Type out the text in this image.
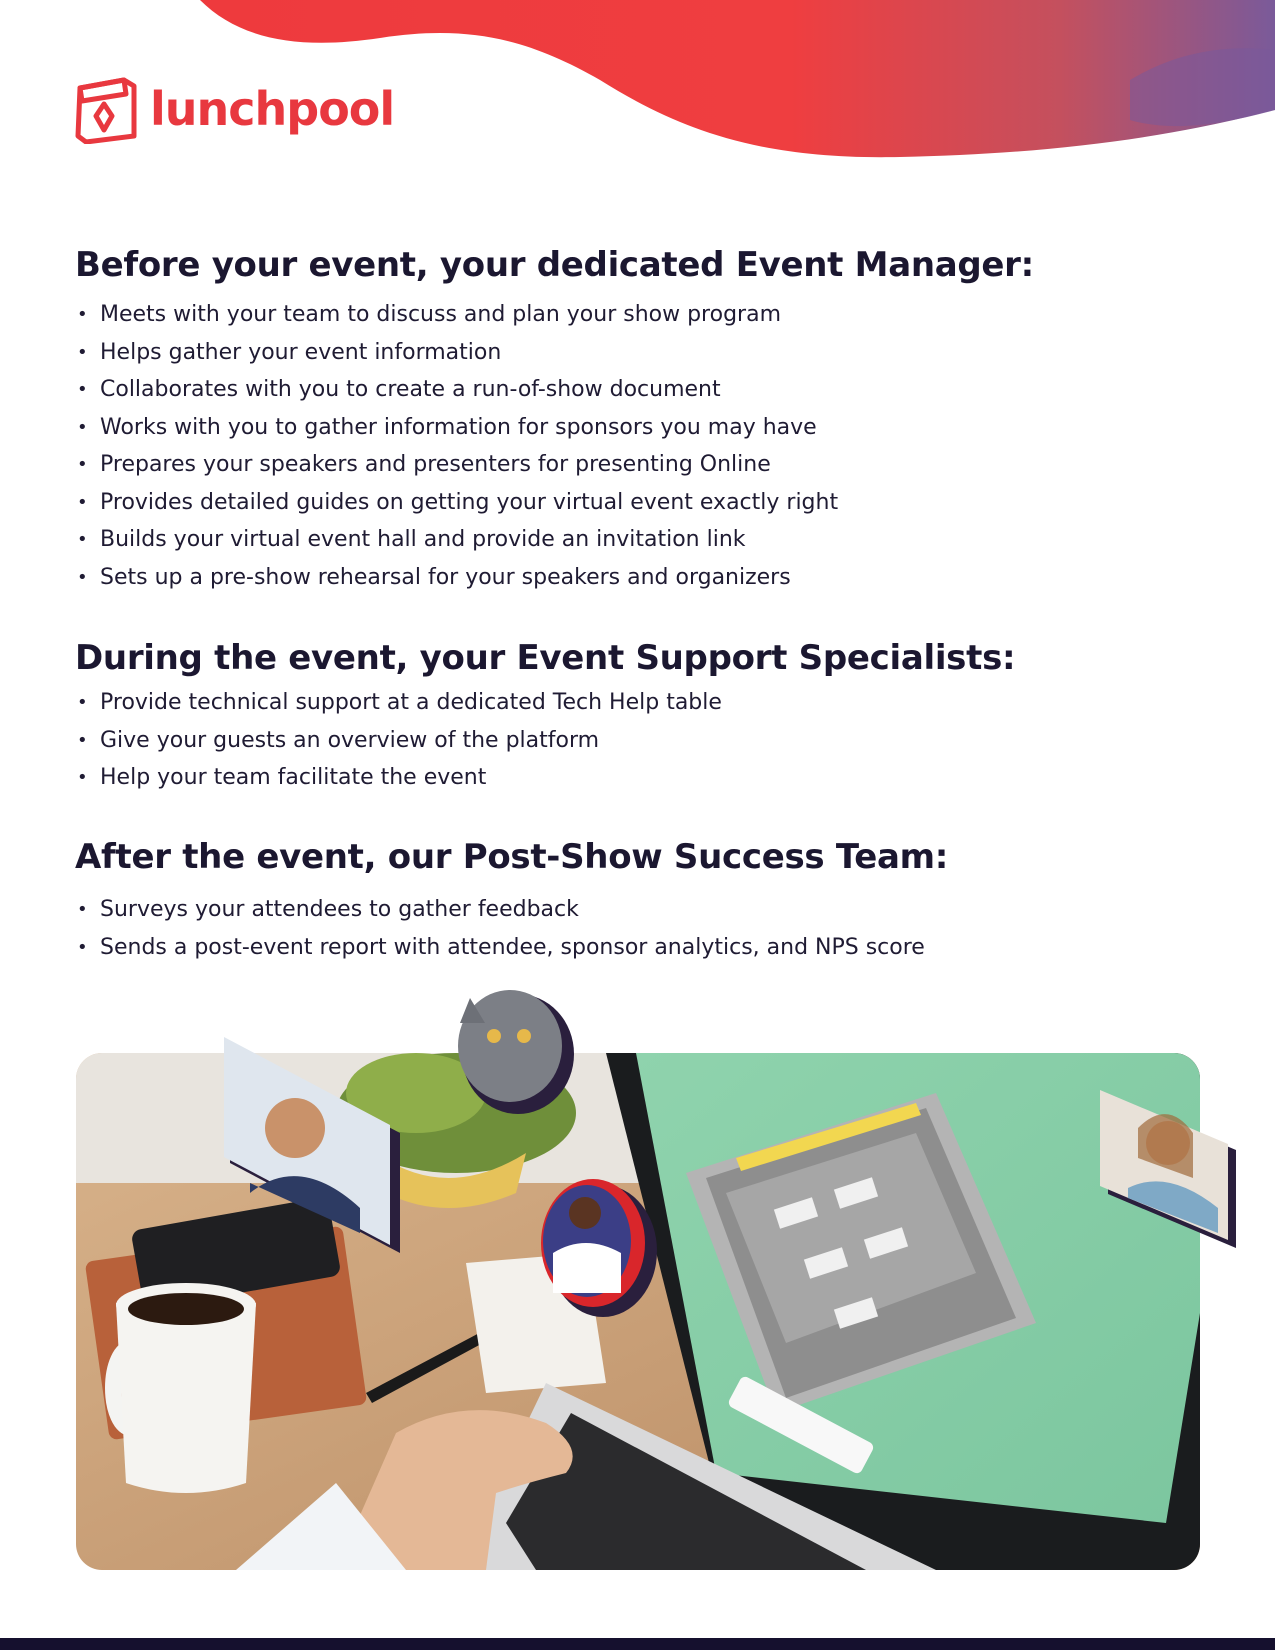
lunchpool
Before your event, your dedicated Event Manager:
• Meets with your team to discuss and plan your show program
• Helps gather your event information
• Collaborates with you to create a run-of-show document
• Works with you to gather information for sponsors you may have
• Prepares your speakers and presenters for presenting Online
• Provides detailed guides on getting your virtual event exactly right
• Builds your virtual event hall and provide an invitation link
• Sets up a pre-show rehearsal for your speakers and organizers
During the event, your Event Support Specialists:
• Provide technical support at a dedicated Tech Help table
• Give your guests an overview of the platform
• Help your team facilitate the event
After the event, our Post-Show Success Team:
• Surveys your attendees to gather feedback
• Sends a post-event report with attendee, sponsor analytics, and NPS score
